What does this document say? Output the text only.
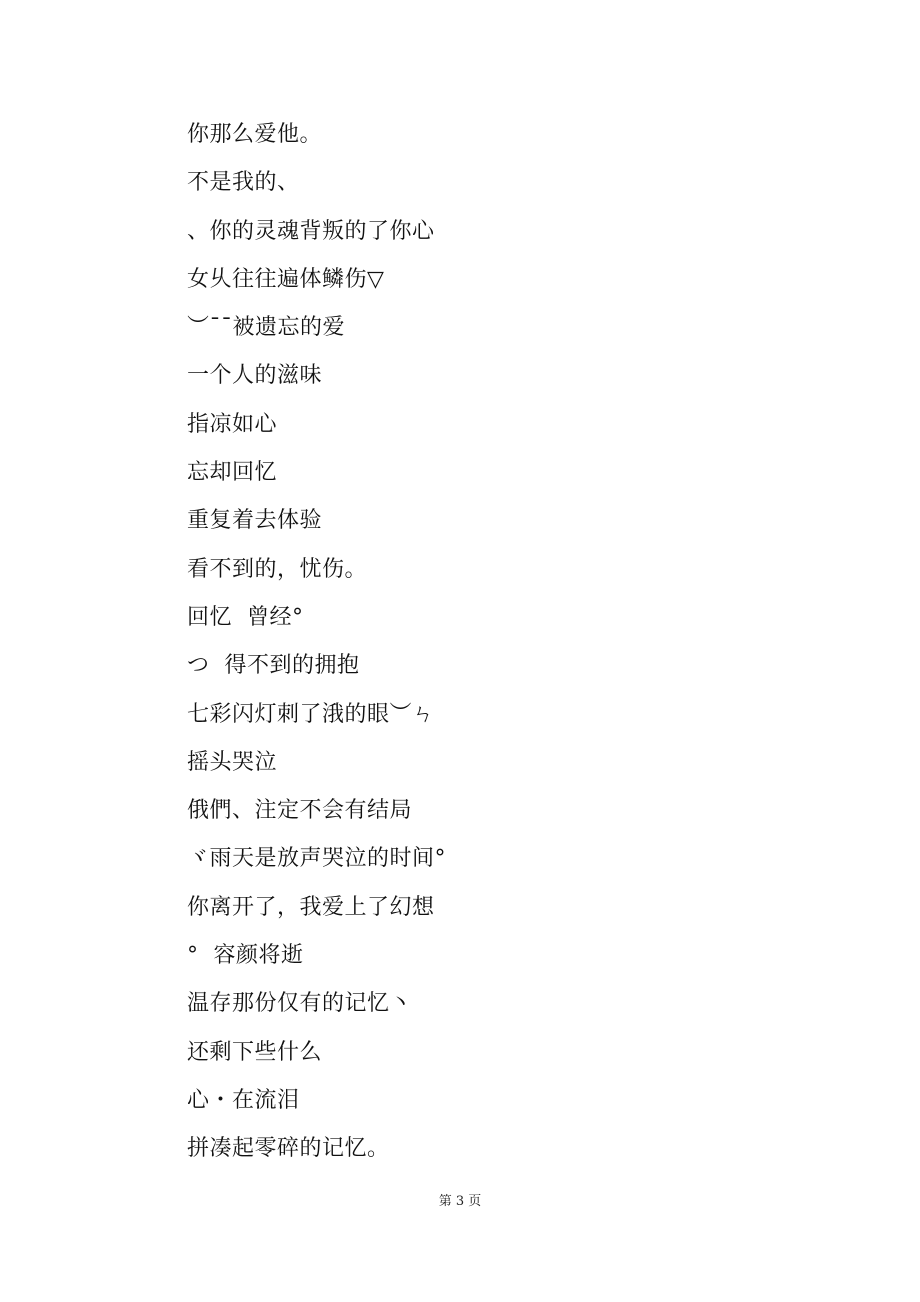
你那么爱他。
不是我的、
、你的灵魂背叛的了你心
女乆往往遍体鳞伤▽
︶ˉˉ被遗忘的爱
一个人的滋味
指凉如心
忘却回忆
重复着去体验
看不到的，忧伤。
回忆  曾经°
つ  得不到的拥抱
七彩闪灯刺了涐的眼︶ㄣ
摇头哭泣
俄們、注定不会有结局
ヾ雨天是放声哭泣的时间°
你离开了，我爱上了幻想
°  容颜将逝
温存那份仅有的记忆丶
还剩下些什么
心・在流泪
拼凑起零碎的记忆。
第 3 页
